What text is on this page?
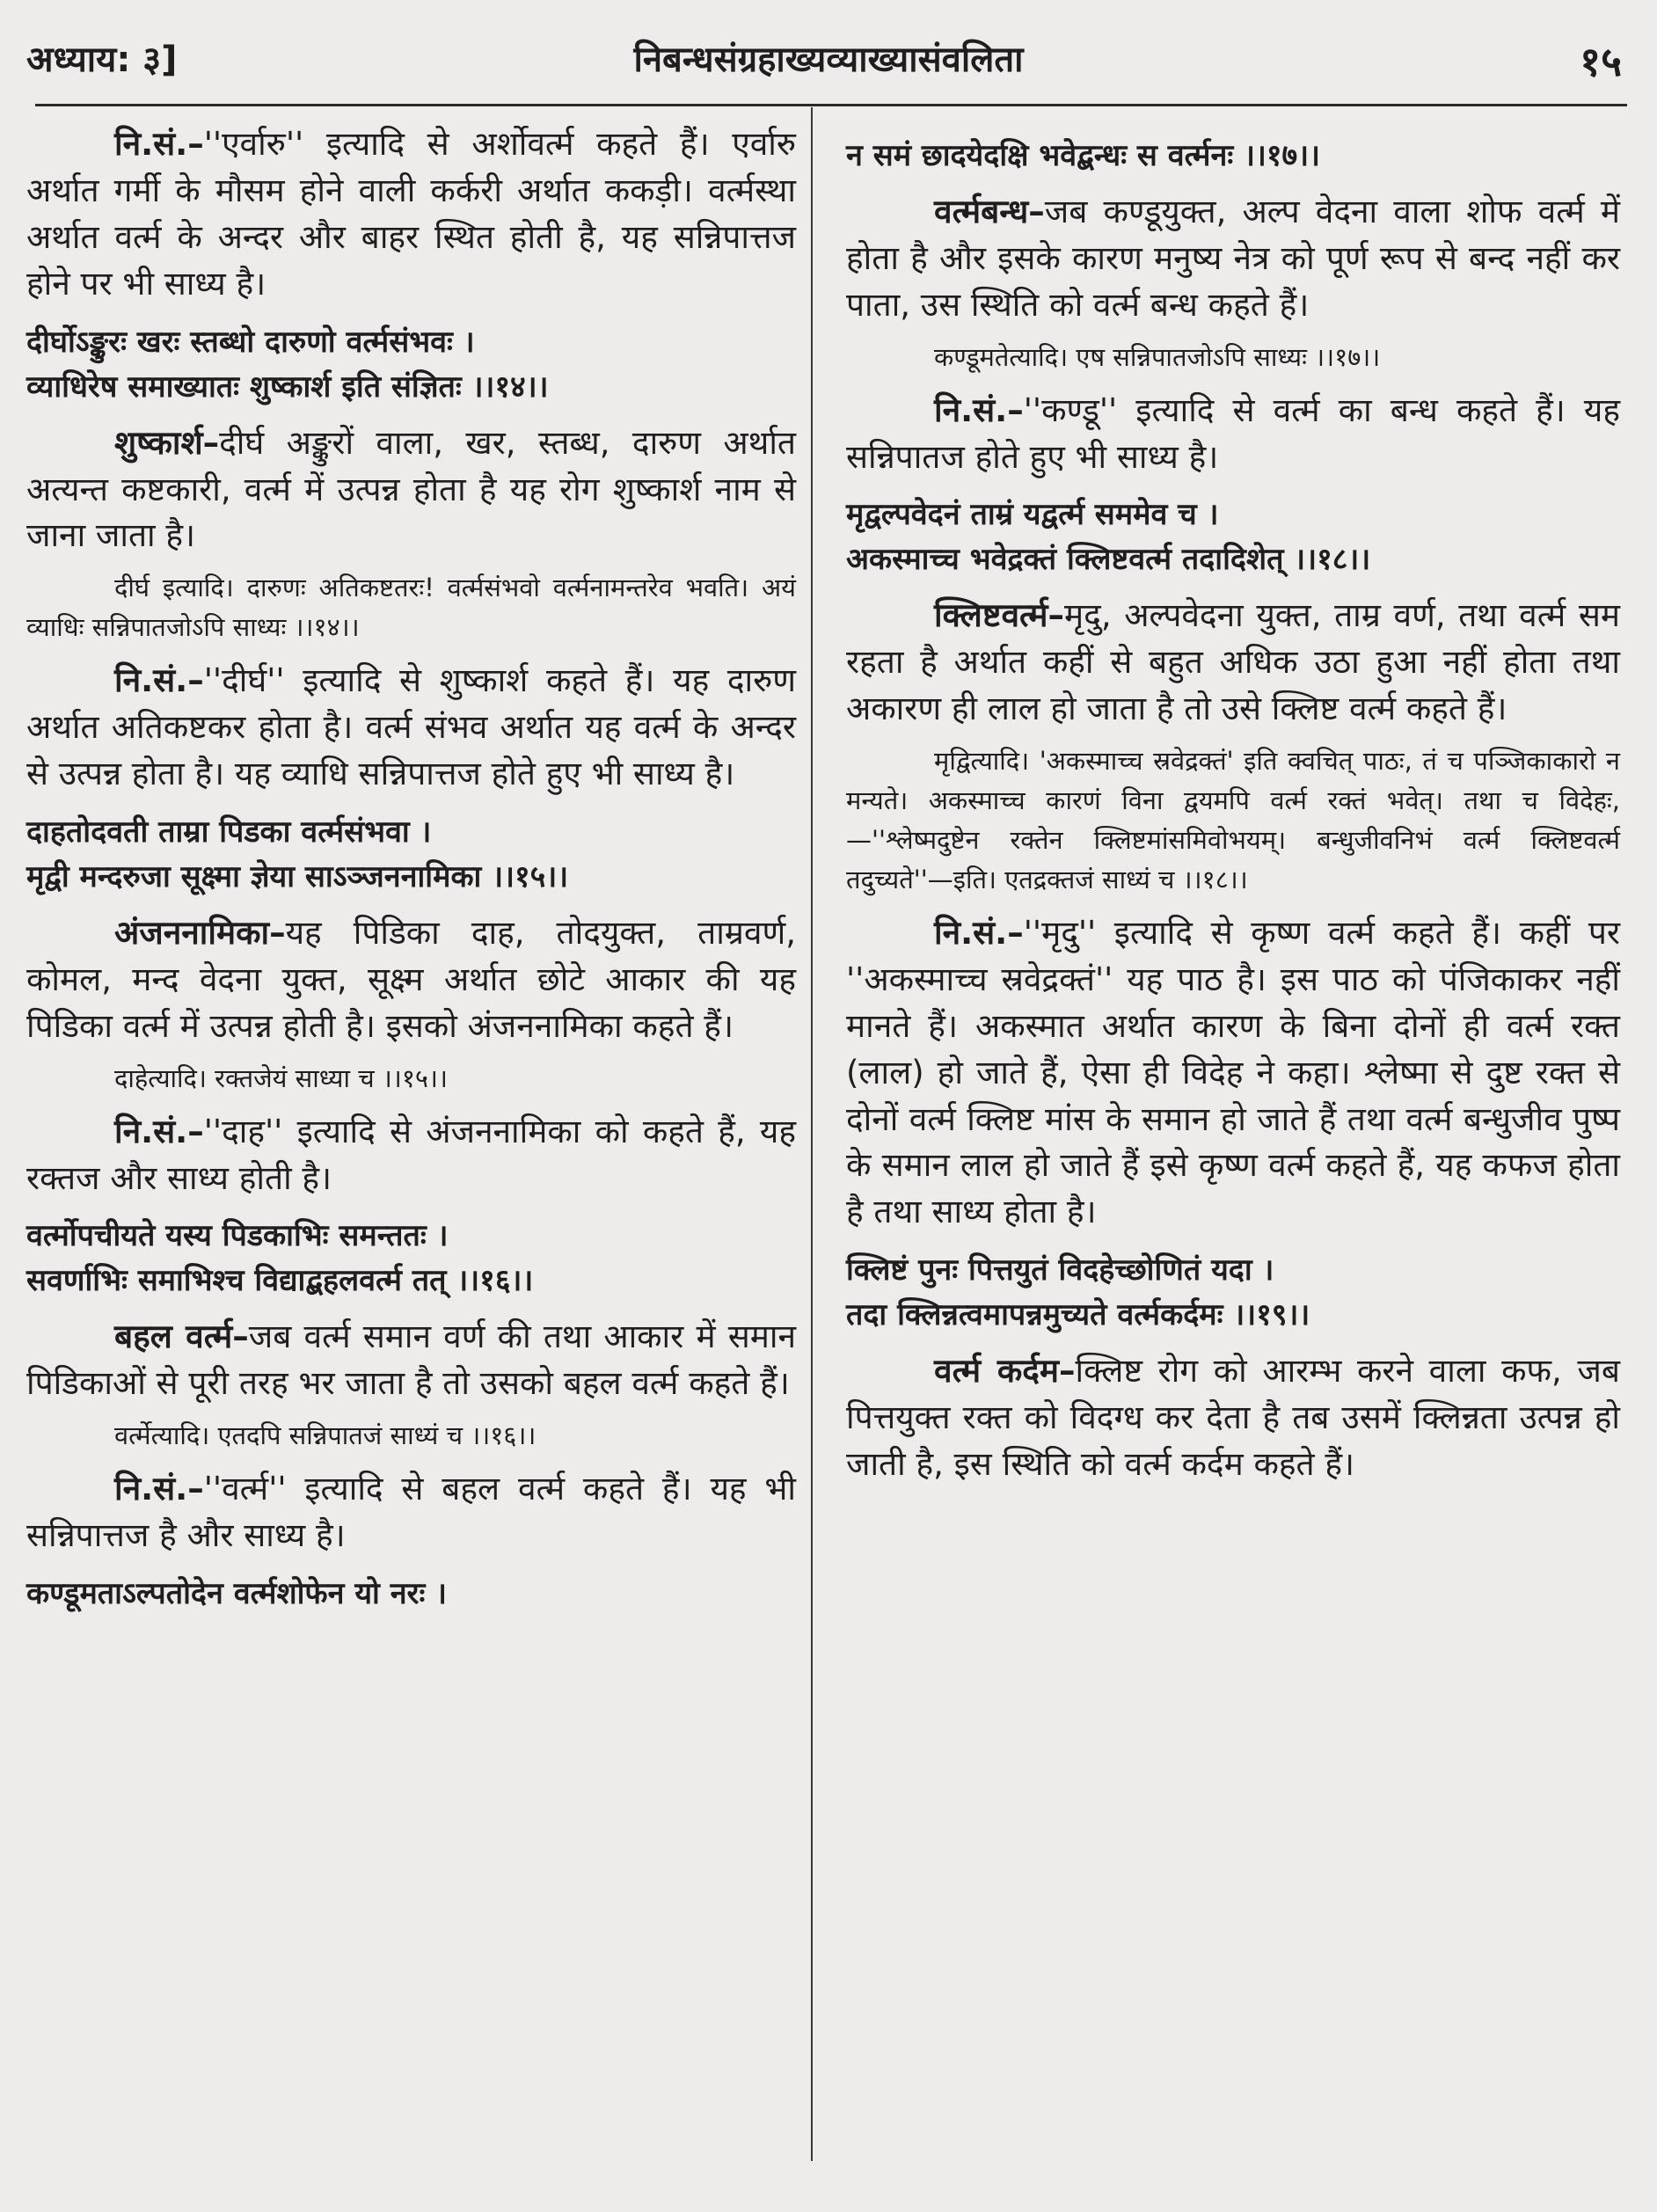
अध्याय: ३]	निबन्धसंग्रहाख्यव्याख्यासंवलिता	१५
नि.सं.–''एर्वारु'' इत्यादि से अर्शोवर्त्म कहते हैं। एर्वारु अर्थात गर्मी के मौसम होने वाली कर्करी अर्थात ककड़ी। वर्त्मस्था अर्थात वर्त्म के अन्दर और बाहर स्थित होती है, यह सन्निपात्तज होने पर भी साध्य है।
दीर्घोऽङ्कुरः खरः स्तब्धो दारुणो वर्त्मसंभवः ।
व्याधिरेष समाख्यातः शुष्कार्श इति संज्ञितः ।।१४।।
शुष्कार्श–दीर्घ अङ्कुरों वाला, खर, स्तब्ध, दारुण अर्थात अत्यन्त कष्टकारी, वर्त्म में उत्पन्न होता है यह रोग शुष्कार्श नाम से जाना जाता है।
दीर्घ इत्यादि। दारुणः अतिकष्टतरः! वर्त्मसंभवो वर्त्मनामन्तरेव भवति। अयं व्याधिः सन्निपातजोऽपि साध्यः ।।१४।।
नि.सं.–''दीर्घ'' इत्यादि से शुष्कार्श कहते हैं। यह दारुण अर्थात अतिकष्टकर होता है। वर्त्म संभव अर्थात यह वर्त्म के अन्दर से उत्पन्न होता है। यह व्याधि सन्निपात्तज होते हुए भी साध्य है।
दाहतोदवती ताम्रा पिडका वर्त्मसंभवा ।
मृद्वी मन्दरुजा सूक्ष्मा ज्ञेया साऽञ्जननामिका ।।१५।।
अंजननामिका–यह पिडिका दाह, तोदयुक्त, ताम्रवर्ण, कोमल, मन्द वेदना युक्त, सूक्ष्म अर्थात छोटे आकार की यह पिडिका वर्त्म में उत्पन्न होती है। इसको अंजननामिका कहते हैं।
दाहेत्यादि। रक्तजेयं साध्या च ।।१५।।
नि.सं.–''दाह'' इत्यादि से अंजननामिका को कहते हैं, यह रक्तज और साध्य होती है।
वर्त्मोपचीयते यस्य पिडकाभिः समन्ततः ।
सवर्णाभिः समाभिश्च विद्याद्बहलवर्त्म तत् ।।१६।।
बहल वर्त्म–जब वर्त्म समान वर्ण की तथा आकार में समान पिडिकाओं से पूरी तरह भर जाता है तो उसको बहल वर्त्म कहते हैं।
वर्त्मेत्यादि। एतदपि सन्निपातजं साध्यं च ।।१६।।
नि.सं.–''वर्त्म'' इत्यादि से बहल वर्त्म कहते हैं। यह भी सन्निपात्तज है और साध्य है।
कण्डूमताऽल्पतोदेन वर्त्मशोफेन यो नरः ।
न समं छादयेदक्षि भवेद्बन्धः स वर्त्मनः ।।१७।।
वर्त्मबन्ध–जब कण्डूयुक्त, अल्प वेदना वाला शोफ वर्त्म में होता है और इसके कारण मनुष्य नेत्र को पूर्ण रूप से बन्द नहीं कर पाता, उस स्थिति को वर्त्म बन्ध कहते हैं।
कण्डूमतेत्यादि। एष सन्निपातजोऽपि साध्यः ।।१७।।
नि.सं.–''कण्डू'' इत्यादि से वर्त्म का बन्ध कहते हैं। यह सन्निपातज होते हुए भी साध्य है।
मृद्वल्पवेदनं ताम्रं यद्वर्त्म सममेव च ।
अकस्माच्च भवेद्रक्तं क्लिष्टवर्त्म तदादिशेत् ।।१८।।
क्लिष्टवर्त्म–मृदु, अल्पवेदना युक्त, ताम्र वर्ण, तथा वर्त्म सम रहता है अर्थात कहीं से बहुत अधिक उठा हुआ नहीं होता तथा अकारण ही लाल हो जाता है तो उसे क्लिष्ट वर्त्म कहते हैं।
मृद्वित्यादि। 'अकस्माच्च स्रवेद्रक्तं' इति क्वचित् पाठः, तं च पञ्जिकाकारो न मन्यते। अकस्माच्च कारणं विना द्वयमपि वर्त्म रक्तं भवेत्। तथा च विदेहः,—''श्लेष्मदुष्टेन रक्तेन क्लिष्टमांसमिवोभयम्। बन्धुजीवनिभं वर्त्म क्लिष्टवर्त्म तदुच्यते''—इति। एतद्रक्तजं साध्यं च ।।१८।।
नि.सं.–''मृदु'' इत्यादि से कृष्ण वर्त्म कहते हैं। कहीं पर ''अकस्माच्च स्रवेद्रक्तं'' यह पाठ है। इस पाठ को पंजिकाकर नहीं मानते हैं। अकस्मात अर्थात कारण के बिना दोनों ही वर्त्म रक्त (लाल) हो जाते हैं, ऐसा ही विदेह ने कहा। श्लेष्मा से दुष्ट रक्त से दोनों वर्त्म क्लिष्ट मांस के समान हो जाते हैं तथा वर्त्म बन्धुजीव पुष्प के समान लाल हो जाते हैं इसे कृष्ण वर्त्म कहते हैं, यह कफज होता है तथा साध्य होता है।
क्लिष्टं पुनः पित्तयुतं विदहेच्छोणितं यदा ।
तदा क्लिन्नत्वमापन्नमुच्यते वर्त्मकर्दमः ।।१९।।
वर्त्म कर्दम–क्लिष्ट रोग को आरम्भ करने वाला कफ, जब पित्तयुक्त रक्त को विदग्ध कर देता है तब उसमें क्लिन्नता उत्पन्न हो जाती है, इस स्थिति को वर्त्म कर्दम कहते हैं।
